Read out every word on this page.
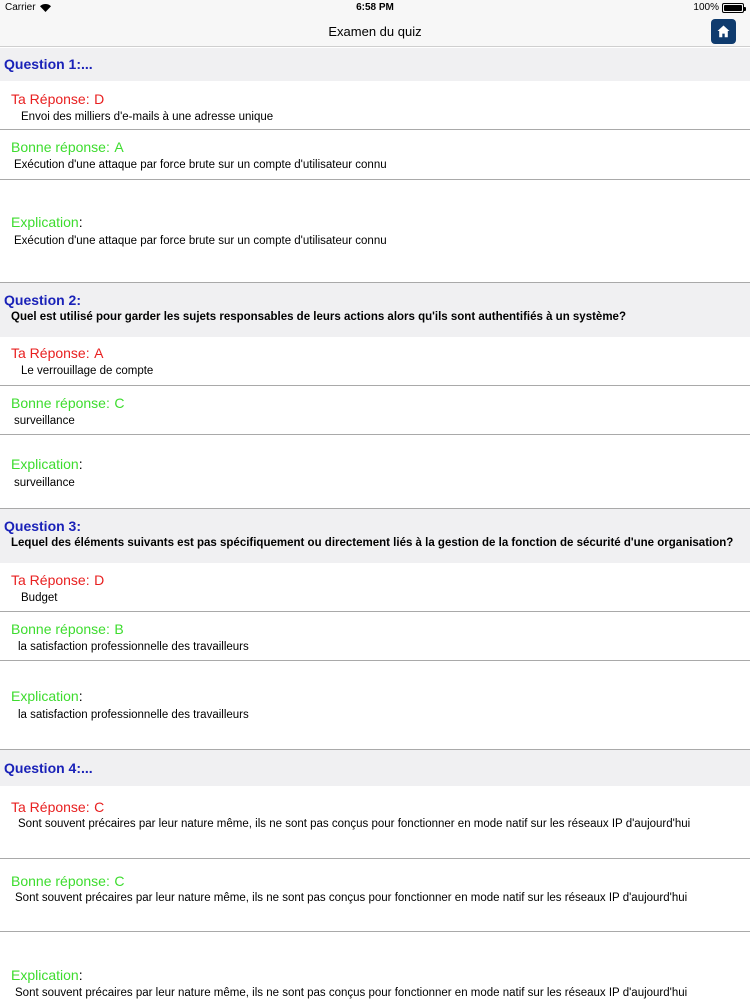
Carrier	6:58 PM	100%
Examen du quiz
Question 1:...
Ta Réponse: D
Envoi des milliers d'e-mails à une adresse unique
Bonne réponse: A
Exécution d'une attaque par force brute sur un compte d'utilisateur connu
Explication:
Exécution d'une attaque par force brute sur un compte d'utilisateur connu
Question 2:
Quel est utilisé pour garder les sujets responsables de leurs actions alors qu'ils sont authentifiés à un système?
Ta Réponse: A
Le verrouillage de compte
Bonne réponse: C
surveillance
Explication:
surveillance
Question 3:
Lequel des éléments suivants est pas spécifiquement ou directement liés à la gestion de la fonction de sécurité d'une organisation?
Ta Réponse: D
Budget
Bonne réponse: B
la satisfaction professionnelle des travailleurs
Explication:
la satisfaction professionnelle des travailleurs
Question 4:...
Ta Réponse: C
Sont souvent précaires par leur nature même, ils ne sont pas conçus pour fonctionner en mode natif sur les réseaux IP d'aujourd'hui
Bonne réponse: C
Sont souvent précaires par leur nature même, ils ne sont pas conçus pour fonctionner en mode natif sur les réseaux IP d'aujourd'hui
Explication:
Sont souvent précaires par leur nature même, ils ne sont pas conçus pour fonctionner en mode natif sur les réseaux IP d'aujourd'hui
